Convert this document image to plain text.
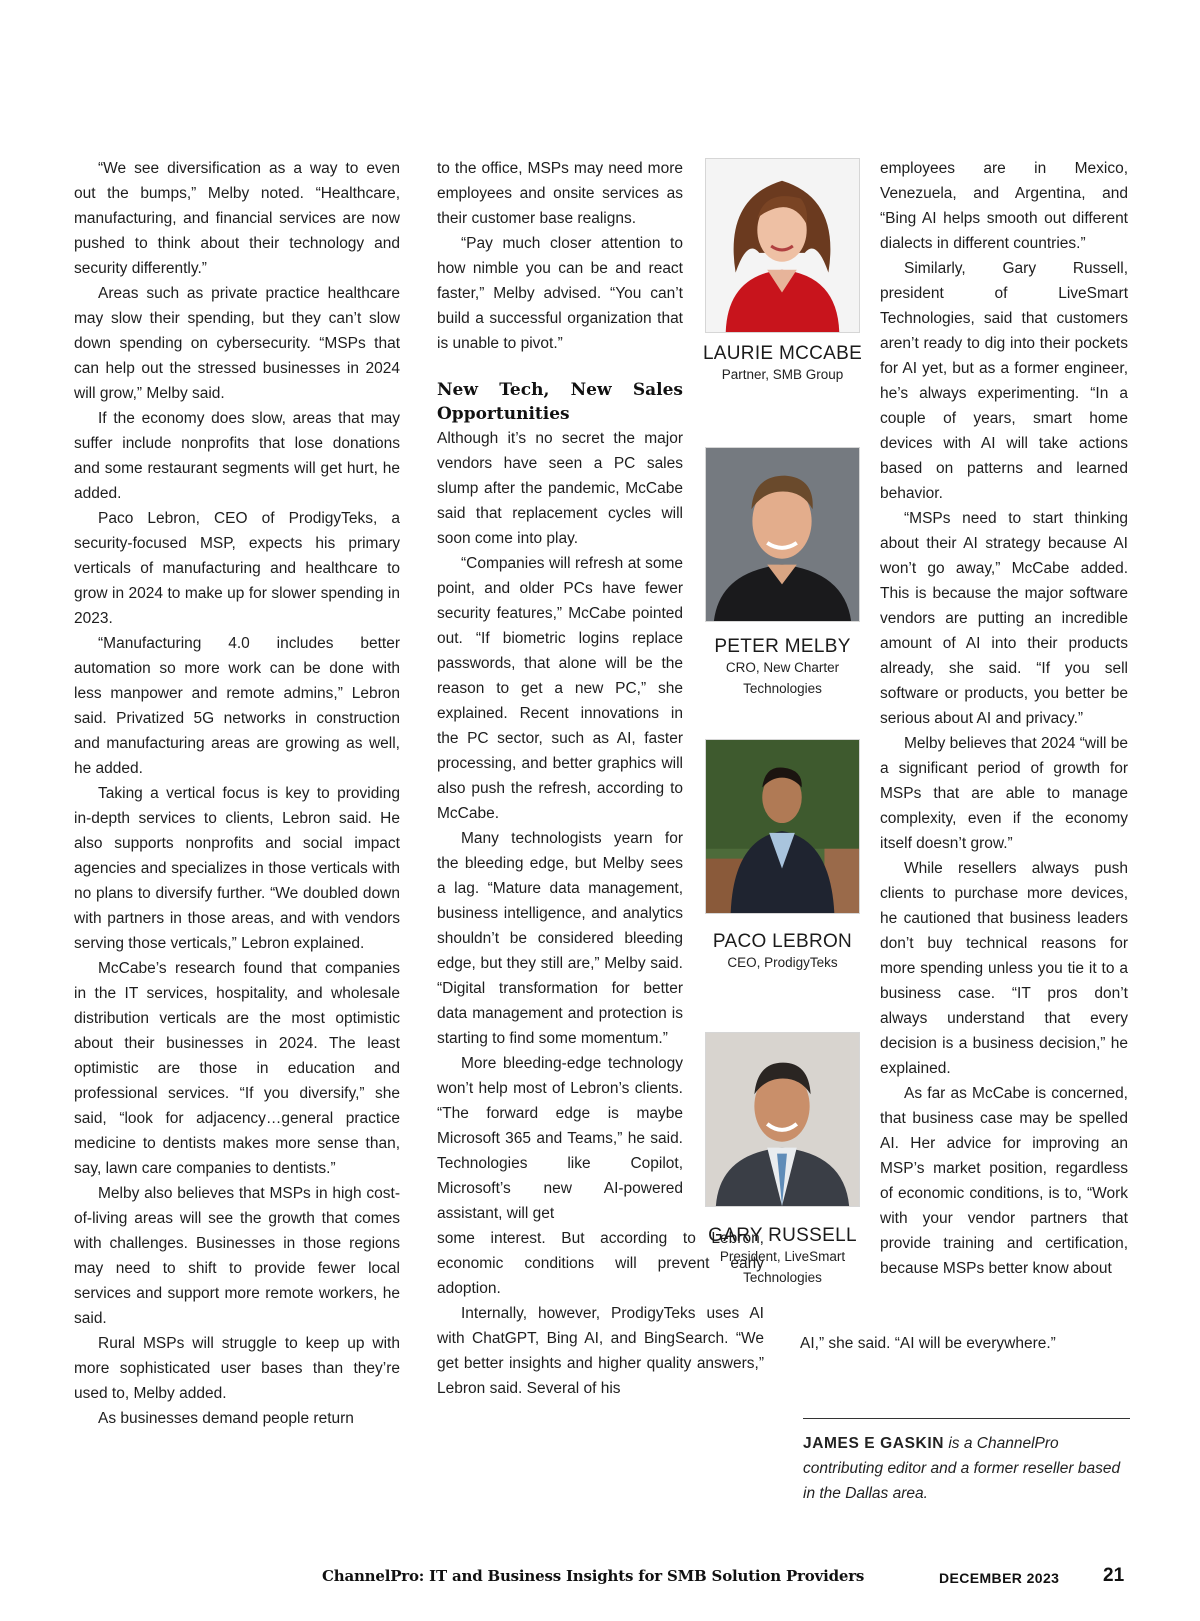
“We see diversification as a way to even out the bumps,” Melby noted. “Healthcare, manufacturing, and financial services are now pushed to think about their technology and security differently.”

Areas such as private practice healthcare may slow their spending, but they can’t slow down spending on cybersecurity. “MSPs that can help out the stressed businesses in 2024 will grow,” Melby said.

If the economy does slow, areas that may suffer include nonprofits that lose donations and some restaurant segments will get hurt, he added.

Paco Lebron, CEO of ProdigyTeks, a security-focused MSP, expects his primary verticals of manufacturing and healthcare to grow in 2024 to make up for slower spending in 2023.

“Manufacturing 4.0 includes better automation so more work can be done with less manpower and remote admins,” Lebron said. Privatized 5G networks in construction and manufacturing areas are growing as well, he added.

Taking a vertical focus is key to providing in-depth services to clients, Lebron said. He also supports nonprofits and social impact agencies and specializes in those verticals with no plans to diversify further. “We doubled down with partners in those areas, and with vendors serving those verticals,” Lebron explained.

McCabe’s research found that companies in the IT services, hospitality, and wholesale distribution verticals are the most optimistic about their businesses in 2024. The least optimistic are those in education and professional services. “If you diversify,” she said, “look for adjacency…general practice medicine to dentists makes more sense than, say, lawn care companies to dentists.”

Melby also believes that MSPs in high cost-of-living areas will see the growth that comes with challenges. Businesses in those regions may need to shift to provide fewer local services and support more remote workers, he said.

Rural MSPs will struggle to keep up with more sophisticated user bases than they’re used to, Melby added.

As businesses demand people return

to the office, MSPs may need more employees and onsite services as their customer base realigns.

“Pay much closer attention to how nimble you can be and react faster,” Melby advised. “You can’t build a successful organization that is unable to pivot.”

New Tech, New Sales Opportunities

Although it’s no secret the major vendors have seen a PC sales slump after the pandemic, McCabe said that replacement cycles will soon come into play.

“Companies will refresh at some point, and older PCs have fewer security features,” McCabe pointed out. “If biometric logins replace passwords, that alone will be the reason to get a new PC,” she explained. Recent innovations in the PC sector, such as AI, faster processing, and better graphics will also push the refresh, according to McCabe.

Many technologists yearn for the bleeding edge, but Melby sees a lag. “Mature data management, business intelligence, and analytics shouldn’t be considered bleeding edge, but they still are,” Melby said. “Digital transformation for better data management and protection is starting to find some momentum.”

More bleeding-edge technology won’t help most of Lebron’s clients. “The forward edge is maybe Microsoft 365 and Teams,” he said. Technologies like Copilot, Microsoft’s new AI-powered assistant, will get

some interest. But according to Lebron, economic conditions will prevent early adoption.

Internally, however, ProdigyTeks uses AI with ChatGPT, Bing AI, and BingSearch. “We get better insights and higher quality answers,” Lebron said. Several of his

employees are in Mexico, Venezuela, and Argentina, and “Bing AI helps smooth out different dialects in different countries.”

Similarly, Gary Russell, president of LiveSmart Technologies, said that customers aren’t ready to dig into their pockets for AI yet, but as a former engineer, he’s always experimenting. “In a couple of years, smart home devices with AI will take actions based on patterns and learned behavior.

“MSPs need to start thinking about their AI strategy because AI won’t go away,” McCabe added. This is because the major software vendors are putting an incredible amount of AI into their products already, she said. “If you sell software or products, you better be serious about AI and privacy.”

Melby believes that 2024 “will be a significant period of growth for MSPs that are able to manage complexity, even if the economy itself doesn’t grow.”

While resellers always push clients to purchase more devices, he cautioned that business leaders don’t buy technical reasons for more spending unless you tie it to a business case. “IT pros don’t always understand that every decision is a business decision,” he explained.

As far as McCabe is concerned, that business case may be spelled AI. Her advice for improving an MSP’s market position, regardless of economic conditions, is to, “Work with your vendor partners that provide training and certification, because MSPs better know about

AI,” she said. “AI will be everywhere.”
LAURIE MCCABE
Partner, SMB Group
PETER MELBY
CRO, New Charter Technologies
PACO LEBRON
CEO, ProdigyTeks
GARY RUSSELL
President, LiveSmart Technologies
JAMES E GASKIN is a ChannelPro contributing editor and a former reseller based in the Dallas area.
ChannelPro: IT and Business Insights for SMB Solution Providers	DECEMBER 2023 21
